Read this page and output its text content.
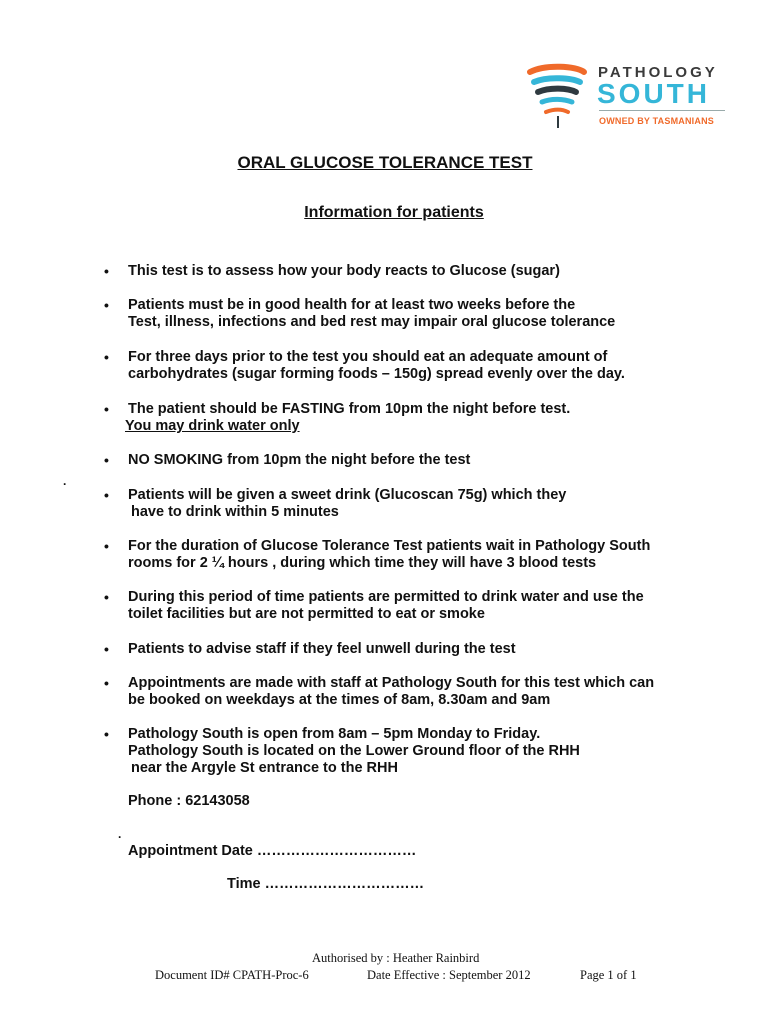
PATHOLOGY
SOUTH
OWNED BY TASMANIANS
ORAL GLUCOSE TOLERANCE TEST
Information for patients
•
This test is to assess how your body reacts to Glucose (sugar)
•
Patients must be in good health for at least two weeks before the
Test, illness, infections and bed rest may impair oral glucose tolerance
•
For three days prior to the test you should eat an adequate amount of
carbohydrates (sugar forming foods – 150g) spread evenly over the day.
•
The patient should be FASTING from 10pm the night before test.
You may drink water only
•
NO SMOKING from 10pm the night before the test
•
Patients will be given a sweet drink (Glucoscan 75g) which they
have to drink within 5 minutes
•
For the duration of Glucose Tolerance Test patients wait in Pathology South
rooms for 2 ¼ hours , during which time they will have 3 blood tests
•
During this period of time patients are permitted to drink water and use the
toilet facilities but are not permitted to eat or smoke
•
Patients to advise staff if they feel unwell during the test
•
Appointments are made with staff at Pathology South for this test which can
be booked on weekdays at the times of 8am, 8.30am and 9am
•
Pathology South is open from 8am – 5pm Monday to Friday.
Pathology South is located on the Lower Ground floor of the RHH
near the Argyle St entrance to the RHH
.
.
Phone : 62143058
Appointment Date ……………………………
Time ……………………………
Authorised by : Heather Rainbird
Document ID# CPATH-Proc-6	Date Effective : September 2012	Page 1 of 1
